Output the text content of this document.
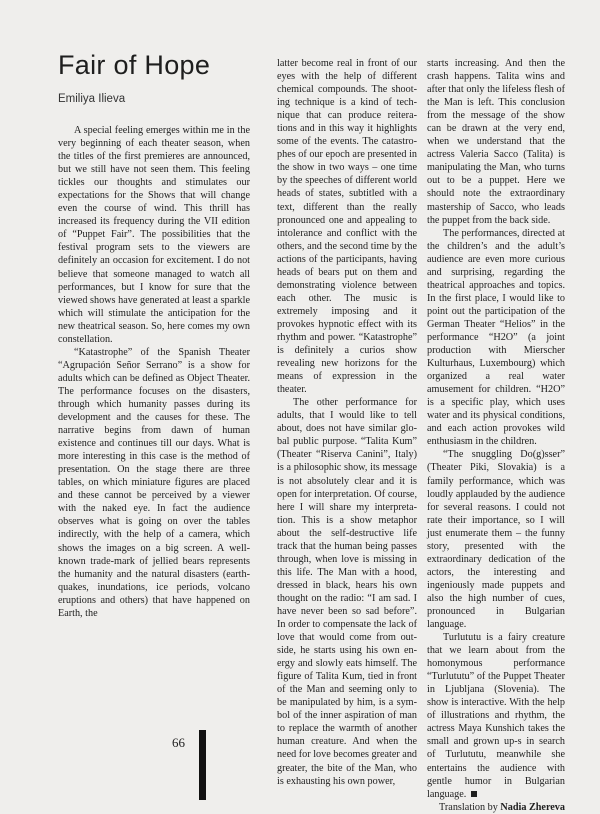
Fair of Hope
Emiliya Ilieva

A special feeling emerges within me in the very beginning of each theater season, when the titles of the first premieres are announced, but we still have not seen them. This feeling tickles our thoughts and stimulates our expectations for the Shows that will change even the course of wind. This thrill has increased its frequency during the VII edition of “Puppet Fair”. The possibilities that the festival program sets to the viewers are definitely an occasion for excitement. I do not believe that someone managed to watch all performances, but I know for sure that the viewed shows have generated at least a sparkle which will stimulate the anticipation for the new theatrical season. So, here comes my own constellation.

“Katastrophe” of the Spanish Theater “Agrupación Señor Serrano” is a show for adults which can be defined as Object Theater. The performance focuses on the disasters, through which humanity passes during its development and the causes for these. The narrative begins from dawn of human existence and continues till our days. What is more interesting in this case is the method of presentation. On the stage there are three tables, on which miniature figures are placed and these cannot be perceived by a viewer with the naked eye. In fact the audience observes what is going on over the tables indirectly, with the help of a camera, which shows the images on a big screen. A well-known trade-mark of jellied bears represents the humanity and the natural disasters (earthquakes, inundations, ice periods, volcano eruptions and others) that have happened on Earth, the

latter become real in front of our eyes with the help of different chemical compounds. The shooting technique is a kind of technique that can produce reiterations and in this way it highlights some of the events. The catastrophes of our epoch are presented in the show in two ways – one time by the speeches of different world heads of states, subtitled with a text, different than the really pronounced one and appealing to intolerance and conflict with the others, and the second time by the actions of the participants, having heads of bears put on them and demonstrating violence between each other. The music is extremely imposing and it provokes hypnotic effect with its rhythm and power. “Katastrophe” is definitely a curios show revealing new horizons for the means of expression in the theater.

The other performance for adults, that I would like to tell about, does not have similar global public purpose. “Talita Kum” (Theater “Riserva Canini”, Italy) is a philosophic show, its message is not absolutely clear and it is open for interpretation. Of course, here I will share my interpretation. This is a show metaphor about the self-destructive life track that the human being passes through, when love is missing in this life. The Man with a hood, dressed in black, hears his own thought on the radio: “I am sad. I have never been so sad before”. In order to compensate the lack of love that would come from outside, he starts using his own energy and slowly eats himself. The figure of Talita Kum, tied in front of the Man and seeming only to be manipulated by him, is a symbol of the inner aspiration of man to replace the warmth of another human creature. And when the need for love becomes greater and greater, the bite of the Man, who is exhausting his own power,

starts increasing. And then the crash happens. Talita wins and after that only the lifeless flesh of the Man is left. This conclusion from the message of the show can be drawn at the very end, when we understand that the actress Valeria Sacco (Talita) is manipulating the Man, who turns out to be a puppet. Here we should note the extraordinary mastership of Sacco, who leads the puppet from the back side.

The performances, directed at the children’s and the adult’s audience are even more curious and surprising, regarding the theatrical approaches and topics. In the first place, I would like to point out the participation of the German Theater “Helios” in the performance “H2O” (a joint production with Mierscher Kulturhaus, Luxembourg) which organized a real water amusement for children. “H2O” is a specific play, which uses water and its physical conditions, and each action provokes wild enthusiasm in the children.

“The snuggling Do(g)sser” (Theater Piki, Slovakia) is a family performance, which was loudly applauded by the audience for several reasons. I could not rate their importance, so I will just enumerate them – the funny story, presented with the extraordinary dedication of the actors, the interesting and ingeniously made puppets and also the high number of cues, pronounced in Bulgarian language.

Turlututu is a fairy creature that we learn about from the homonymous performance “Turlututu” of the Puppet Theater in Ljubljana (Slovenia). The show is interactive. With the help of illustrations and rhythm, the actress Maya Kunshich takes the small and grown up-s in search of Turlututu, meanwhile she entertains the audience with gentle humor in Bulgarian language.

Translation by Nadia Zhereva

66
